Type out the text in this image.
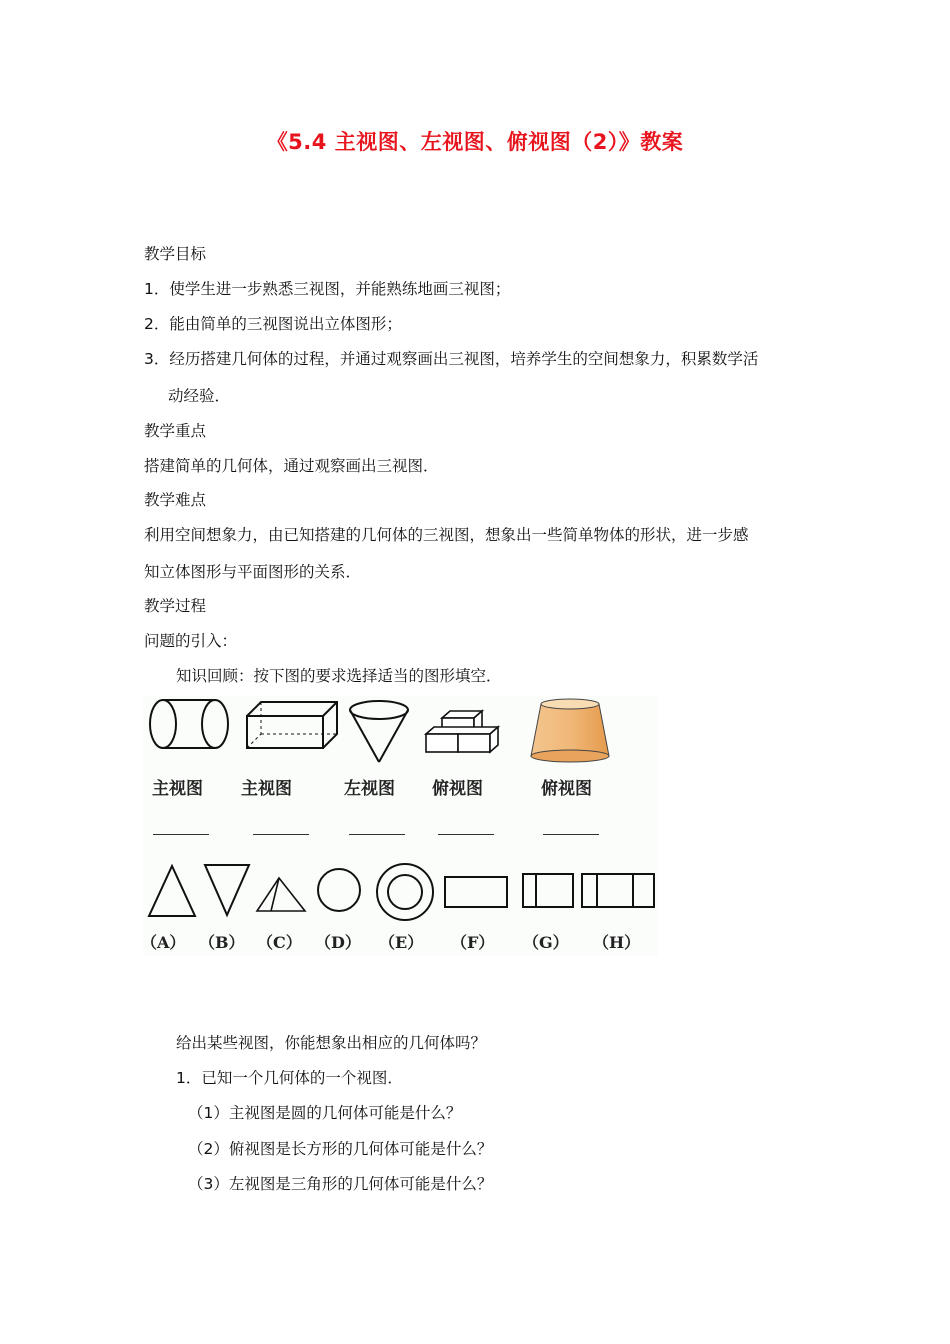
《5.4 主视图、左视图、俯视图（2）》教案
教学目标
1．使学生进一步熟悉三视图，并能熟练地画三视图；
2．能由简单的三视图说出立体图形；
3．经历搭建几何体的过程，并通过观察画出三视图，培养学生的空间想象力，积累数学活
动经验．
教学重点
搭建简单的几何体，通过观察画出三视图．
教学难点
利用空间想象力，由已知搭建的几何体的三视图，想象出一些简单物体的形状，进一步感
知立体图形与平面图形的关系．
教学过程
问题的引入：
知识回顾：按下图的要求选择适当的图形填空．
主视图 主视图	左视图 俯视图	俯视图
（A） （B） （C） （D） （E） （F） （G） （H）
给出某些视图，你能想象出相应的几何体吗？
1．已知一个几何体的一个视图．
（1）主视图是圆的几何体可能是什么？
（2）俯视图是长方形的几何体可能是什么？
（3）左视图是三角形的几何体可能是什么？
